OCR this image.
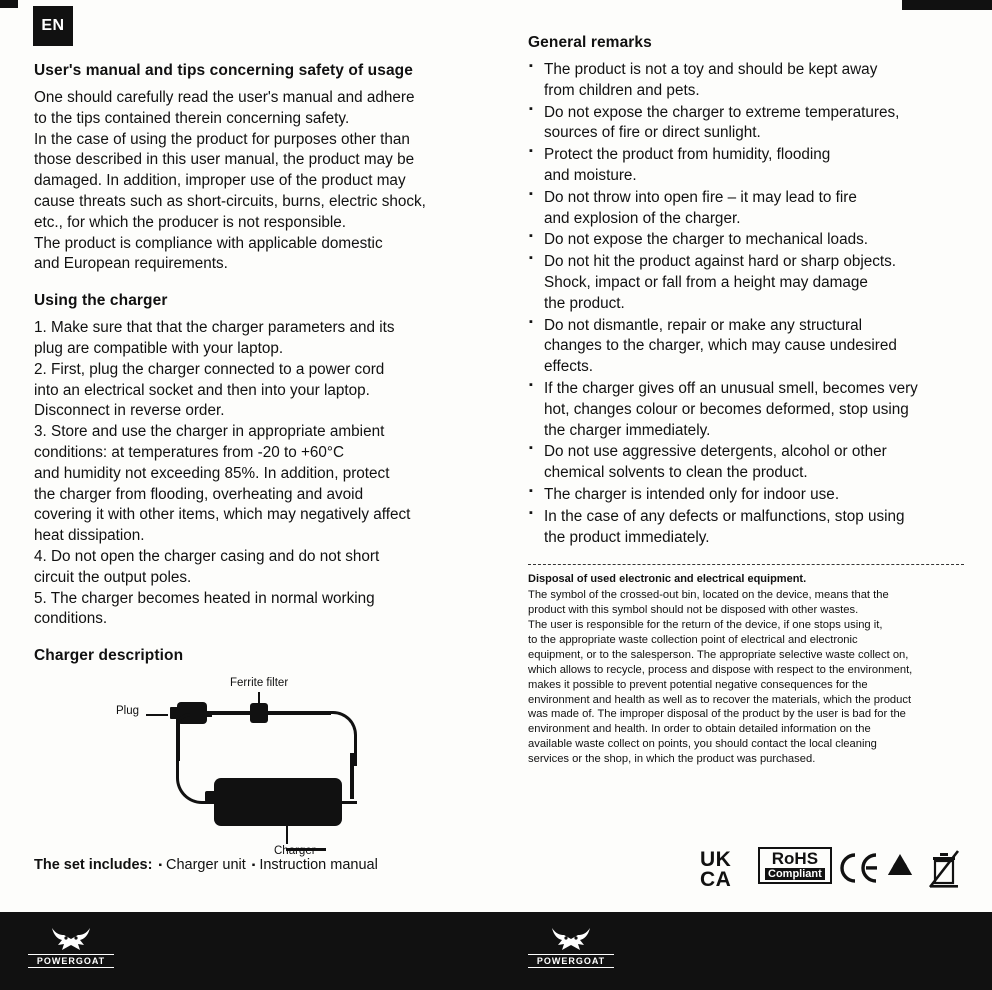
EN
User's manual and tips concerning safety of usage
One should carefully read the user's manual and adhere
to the tips contained therein concerning safety.
In the case of using the product for purposes other than
those described in this user manual, the product may be
damaged. In addition, improper use of the product may
cause threats such as short-circuits, burns, electric shock,
etc., for which the producer is not responsible.
The product is compliance with applicable domestic
and European requirements.
Using the charger
1. Make sure that that the charger parameters and its
plug are compatible with your laptop.
2. First, plug the charger connected to a power cord
into an electrical socket and then into your laptop.
Disconnect in reverse order.
3. Store and use the charger in appropriate ambient
conditions: at temperatures from -20 to +60°C
and humidity not exceeding 85%. In addition, protect
the charger from flooding, overheating and avoid
covering it with other items, which may negatively affect
heat dissipation.
4. Do not open the charger casing and do not short
circuit the output poles.
5. The charger becomes heated in normal working
conditions.
Charger description
Ferrite filter
Plug
Charger
The set includes: ▪ Charger unit ▪ Instruction manual
General remarks
▪ The product is not a toy and should be kept away
from children and pets.
▪ Do not expose the charger to extreme temperatures,
sources of fire or direct sunlight.
▪ Protect the product from humidity, flooding
and moisture.
▪ Do not throw into open fire – it may lead to fire
and explosion of the charger.
▪ Do not expose the charger to mechanical loads.
▪ Do not hit the product against hard or sharp objects.
Shock, impact or fall from a height may damage
the product.
▪ Do not dismantle, repair or make any structural
changes to the charger, which may cause undesired
effects.
▪ If the charger gives off an unusual smell, becomes very
hot, changes colour or becomes deformed, stop using
the charger immediately.
▪ Do not use aggressive detergents, alcohol or other
chemical solvents to clean the product.
▪ The charger is intended only for indoor use.
▪ In the case of any defects or malfunctions, stop using
the product immediately.
Disposal of used electronic and electrical equipment.
The symbol of the crossed-out bin, located on the device, means that the
product with this symbol should not be disposed with other wastes.
The user is responsible for the return of the device, if one stops using it,
to the appropriate waste collection point of electrical and electronic
equipment, or to the salesperson. The appropriate selective waste collect on,
which allows to recycle, process and dispose with respect to the environment,
makes it possible to prevent potential negative consequences for the
environment and health as well as to recover the materials, which the product
was made of. The improper disposal of the product by the user is bad for the
environment and health. In order to obtain detailed information on the
available waste collect on points, you should contact the local cleaning
services or the shop, in which the product was purchased.
UK
CA
RoHS
Compliant
POWERGOAT	POWERGOAT
